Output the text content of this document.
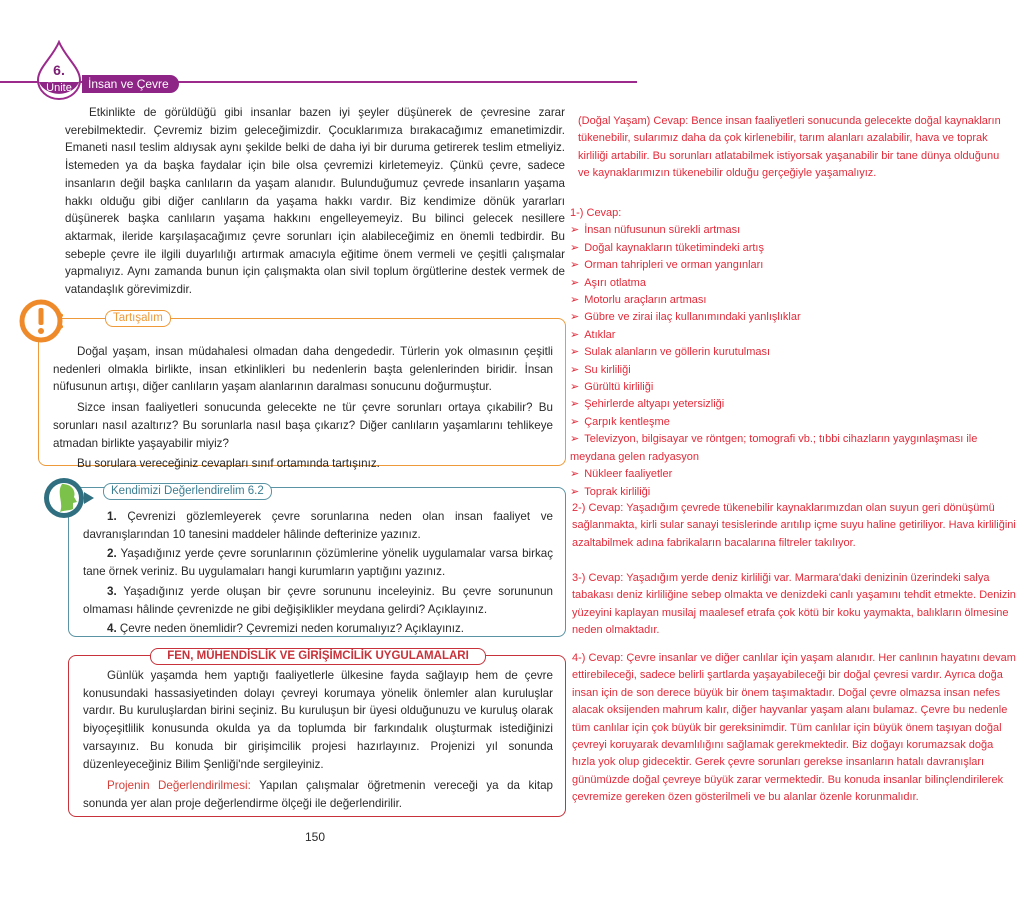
6.
Ünite	İnsan ve Çevre

Etkinlikte de görüldüğü gibi insanlar bazen iyi şeyler düşünerek de çevresine zarar verebilmektedir. Çevremiz bizim geleceğimizdir. Çocuklarımıza bırakacağımız emanetimizdir. Emaneti nasıl teslim aldıysak aynı şekilde belki de daha iyi bir duruma getirerek teslim etmeliyiz. İstemeden ya da başka faydalar için bile olsa çevremizi kirletemeyiz. Çünkü çevre, sadece insanların değil başka canlıların da yaşam alanıdır. Bulunduğumuz çevrede insanların yaşama hakkı olduğu gibi diğer canlıların da yaşama hakkı vardır. Biz kendimize dönük yararları düşünerek başka canlıların yaşama hakkını engelleyemeyiz. Bu bilinci gelecek nesillere aktarmak, ileride karşılaşacağımız çevre sorunları için alabileceğimiz en önemli tedbirdir. Bu sebeple çevre ile ilgili duyarlılığı artırmak amacıyla eğitime önem vermeli ve çeşitli çalışmalar yapmalıyız. Aynı zamanda bunun için çalışmakta olan sivil toplum örgütlerine destek vermek de vatandaşlık görevimizdir.

Doğal yaşam, insan müdahalesi olmadan daha dengededir. Türlerin yok olmasının çeşitli nedenleri olmakla birlikte, insan etkinlikleri bu nedenlerin başta gelenlerinden biridir. İnsan nüfusunun artışı, diğer canlıların yaşam alanlarının daralması sonucunu doğurmuştur.

Sizce insan faaliyetleri sonucunda gelecekte ne tür çevre sorunları ortaya çıkabilir? Bu sorunları nasıl azaltırız? Bu sorunlarla nasıl başa çıkarız? Diğer canlıların yaşamlarını tehlikeye atmadan birlikte yaşayabilir miyiz?

Bu sorulara vereceğiniz cevapları sınıf ortamında tartışınız.

Tartışalım

1. Çevrenizi gözlemleyerek çevre sorunlarına neden olan insan faaliyet ve davranışlarından 10 tanesini maddeler hâlinde defterinize yazınız.

2. Yaşadığınız yerde çevre sorunlarının çözümlerine yönelik uygulamalar varsa birkaç tane örnek veriniz. Bu uygulamaları hangi kurumların yaptığını yazınız.

3. Yaşadığınız yerde oluşan bir çevre sorununu inceleyiniz. Bu çevre sorununun olmaması hâlinde çevrenizde ne gibi değişiklikler meydana gelirdi? Açıklayınız.

4. Çevre neden önemlidir? Çevremizi neden korumalıyız? Açıklayınız.

Kendimizi Değerlendirelim 6.2

Günlük yaşamda hem yaptığı faaliyetlerle ülkesine fayda sağlayıp hem de çevre konusundaki hassasiyetinden dolayı çevreyi korumaya yönelik önlemler alan kuruluşlar vardır. Bu kuruluşlardan birini seçiniz. Bu kuruluşun bir üyesi olduğunuzu ve kuruluş olarak biyoçeşitlilik konusunda okulda ya da toplumda bir farkındalık oluşturmak istediğinizi varsayınız. Bu konuda bir girişimcilik projesi hazırlayınız. Projenizi yıl sonunda düzenleyeceğiniz Bilim Şenliği'nde sergileyiniz.

Projenin Değerlendirilmesi: Yapılan çalışmalar öğretmenin vereceği ya da kitap sonunda yer alan proje değerlendirme ölçeği ile değerlendirilir.

FEN, MÜHENDİSLİK VE GİRİŞİMCİLİK UYGULAMALARI
150
(Doğal Yaşam) Cevap: Bence insan faaliyetleri sonucunda gelecekte doğal kaynakların tükenebilir, sularımız daha da çok kirlenebilir, tarım alanları azalabilir, hava ve toprak kirliliği artabilir. Bu sorunları atlatabilmek istiyorsak yaşanabilir bir tane dünya olduğunu ve kaynaklarımızın tükenebilir olduğu gerçeğiyle yaşamalıyız.
1-) Cevap:
➢ İnsan nüfusunun sürekli artması
➢ Doğal kaynakların tüketimindeki artış
➢ Orman tahripleri ve orman yangınları
➢ Aşırı otlatma
➢ Motorlu araçların artması
➢ Gübre ve zirai ilaç kullanımındaki yanlışlıklar
➢ Atıklar
➢ Sulak alanların ve göllerin kurutulması
➢ Su kirliliği
➢ Gürültü kirliliği
➢ Şehirlerde altyapı yetersizliği
➢ Çarpık kentleşme
➢ Televizyon, bilgisayar ve röntgen; tomografi vb.; tıbbi cihazların yaygınlaşması ile meydana gelen radyasyon
➢ Nükleer faaliyetler
➢ Toprak kirliliği
2-) Cevap: Yaşadığım çevrede tükenebilir kaynaklarımızdan olan suyun geri dönüşümü sağlanmakta, kirli sular sanayi tesislerinde arıtılıp içme suyu haline getiriliyor. Hava kirliliğini azaltabilmek adına fabrikaların bacalarına filtreler takılıyor.
3-) Cevap: Yaşadığım yerde deniz kirliliği var. Marmara'daki denizinin üzerindeki salya tabakası deniz kirliliğine sebep olmakta ve denizdeki canlı yaşamını tehdit etmekte. Denizin yüzeyini kaplayan musilaj maalesef etrafa çok kötü bir koku yaymakta, balıkların ölmesine neden olmaktadır.
4-) Cevap: Çevre insanlar ve diğer canlılar için yaşam alanıdır. Her canlının hayatını devam ettirebileceği, sadece belirli şartlarda yaşayabileceği bir doğal çevresi vardır. Ayrıca doğa insan için de son derece büyük bir önem taşımaktadır. Doğal çevre olmazsa insan nefes alacak oksijenden mahrum kalır, diğer hayvanlar yaşam alanı bulamaz. Çevre bu nedenle tüm canlılar için çok büyük bir gereksinimdir. Tüm canlılar için büyük önem taşıyan doğal çevreyi koruyarak devamlılığını sağlamak gerekmektedir. Biz doğayı korumazsak doğa hızla yok olup gidecektir. Gerek çevre sorunları gerekse insanların hatalı davranışları günümüzde doğal çevreye büyük zarar vermektedir. Bu konuda insanlar bilinçlendirilerek çevremize gereken özen gösterilmeli ve bu alanlar özenle korunmalıdır.
